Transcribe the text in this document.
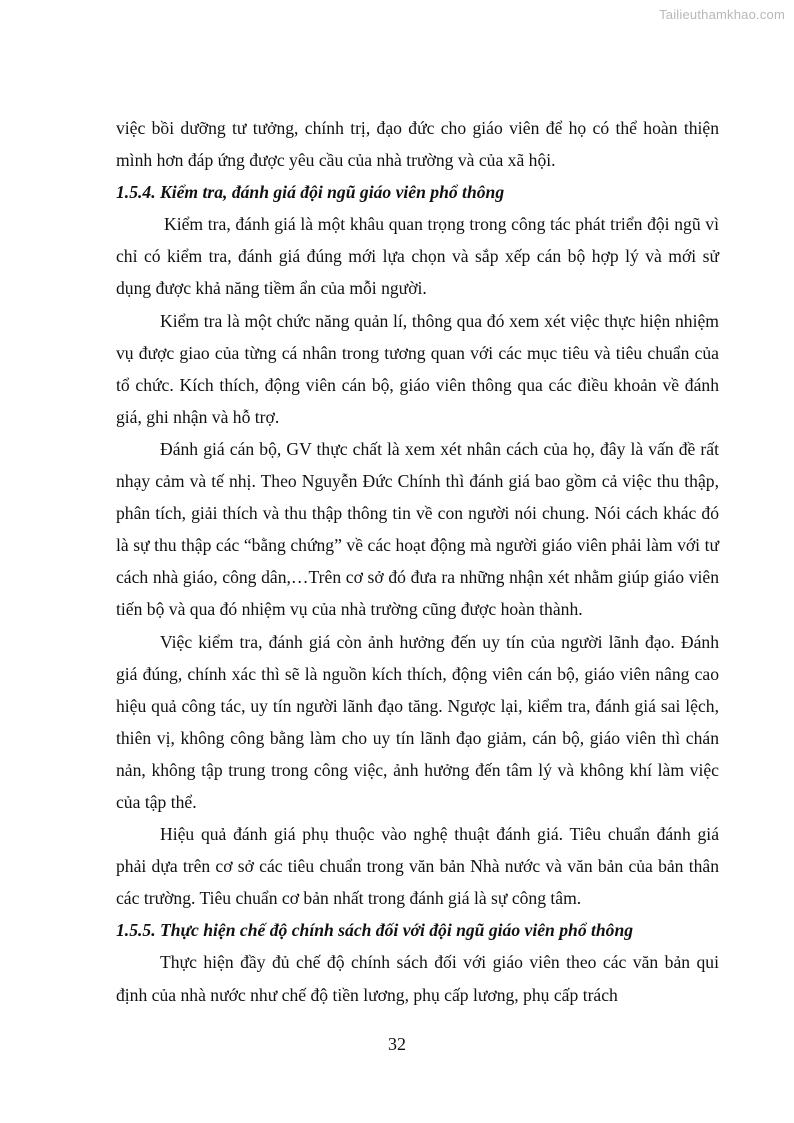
Tailieuthamkhao.com

việc bồi dưỡng tư tưởng, chính trị, đạo đức cho giáo viên để họ có thể hoàn thiện mình hơn đáp ứng được yêu cầu của nhà trường và của xã hội.

1.5.4. Kiểm tra, đánh giá đội ngũ giáo viên phổ thông

Kiểm tra, đánh giá là một khâu quan trọng trong công tác phát triển đội ngũ vì chỉ có kiểm tra, đánh giá đúng mới lựa chọn và sắp xếp cán bộ hợp lý và mới sử dụng được khả năng tiềm ẩn của mỗi người.

Kiểm tra là một chức năng quản lí, thông qua đó xem xét việc thực hiện nhiệm vụ được giao của từng cá nhân trong tương quan với các mục tiêu và tiêu chuẩn của tổ chức. Kích thích, động viên cán bộ, giáo viên thông qua các điều khoản về đánh giá, ghi nhận và hỗ trợ.

Đánh giá cán bộ, GV thực chất là xem xét nhân cách của họ, đây là vấn đề rất nhạy cảm và tế nhị. Theo Nguyễn Đức Chính thì đánh giá bao gồm cả việc thu thập, phân tích, giải thích và thu thập thông tin về con người nói chung. Nói cách khác đó là sự thu thập các “bằng chứng” về các hoạt động mà người giáo viên phải làm với tư cách nhà giáo, công dân,…Trên cơ sở đó đưa ra những nhận xét nhằm giúp giáo viên tiến bộ và qua đó nhiệm vụ của nhà trường cũng được hoàn thành.

Việc kiểm tra, đánh giá còn ảnh hưởng đến uy tín của người lãnh đạo. Đánh giá đúng, chính xác thì sẽ là nguồn kích thích, động viên cán bộ, giáo viên nâng cao hiệu quả công tác, uy tín người lãnh đạo tăng. Ngược lại, kiểm tra, đánh giá sai lệch, thiên vị, không công bằng làm cho uy tín lãnh đạo giảm, cán bộ, giáo viên thì chán nản, không tập trung trong công việc, ảnh hưởng đến tâm lý và không khí làm việc của tập thể.

Hiệu quả đánh giá phụ thuộc vào nghệ thuật đánh giá. Tiêu chuẩn đánh giá phải dựa trên cơ sở các tiêu chuẩn trong văn bản Nhà nước và văn bản của bản thân các trường. Tiêu chuẩn cơ bản nhất trong đánh giá là sự công tâm.

1.5.5. Thực hiện chế độ chính sách đối với đội ngũ giáo viên phổ thông

Thực hiện đầy đủ chế độ chính sách đối với giáo viên theo các văn bản qui định của nhà nước như chế độ tiền lương, phụ cấp lương, phụ cấp trách

32
